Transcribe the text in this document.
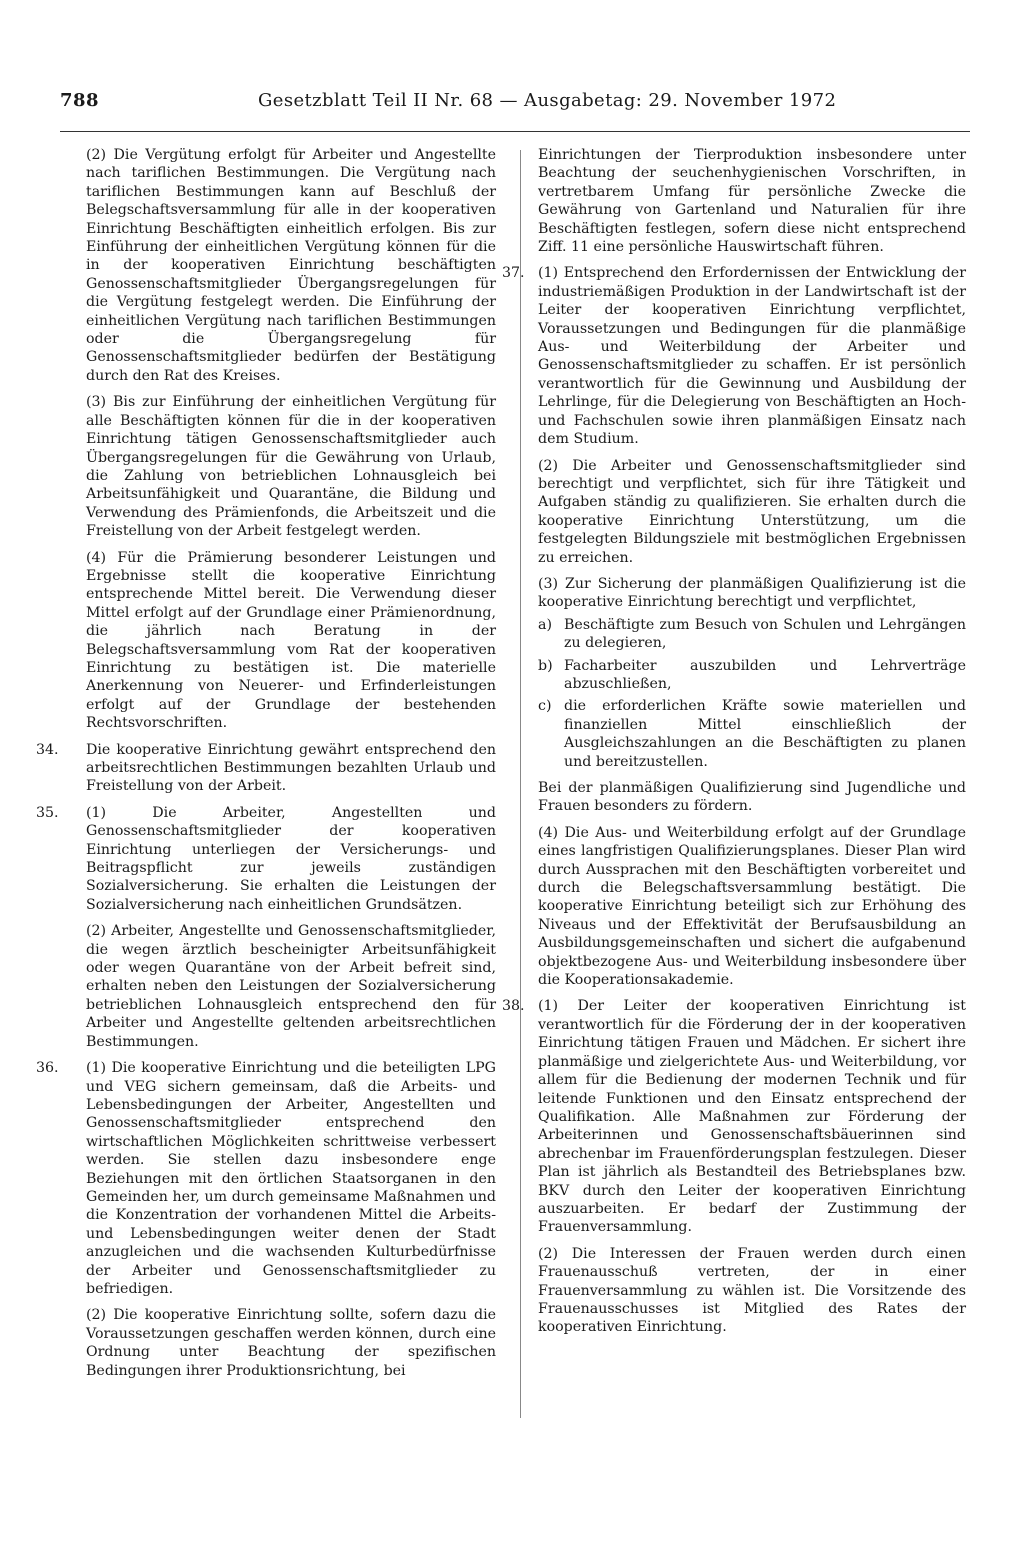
788	Gesetzblatt Teil II Nr. 68 — Ausgabetag: 29. November 1972

(2) Die Vergütung erfolgt für Arbeiter und Angestellte nach tariflichen Bestimmungen. Die Vergütung nach tariflichen Bestimmungen kann auf Beschluß der Belegschaftsversammlung für alle in der kooperativen Einrichtung Beschäftigten einheitlich erfolgen. Bis zur Einführung der einheitlichen Vergütung können für die in der kooperativen Einrichtung beschäftigten Genossenschaftsmitglieder Übergangsregelungen für die Vergütung festgelegt werden. Die Einführung der einheitlichen Vergütung nach tariflichen Bestimmungen oder die Übergangsregelung für Genossenschaftsmitglieder bedürfen der Bestätigung durch den Rat des Kreises.

(3) Bis zur Einführung der einheitlichen Vergütung für alle Beschäftigten können für die in der kooperativen Einrichtung tätigen Genossenschaftsmitglieder auch Übergangsregelungen für die Gewährung von Urlaub, die Zahlung von betrieblichen Lohnausgleich bei Arbeitsunfähigkeit und Quarantäne, die Bildung und Verwendung des Prämienfonds, die Arbeitszeit und die Freistellung von der Arbeit festgelegt werden.

(4) Für die Prämierung besonderer Leistungen und Ergebnisse stellt die kooperative Einrichtung entsprechende Mittel bereit. Die Verwendung dieser Mittel erfolgt auf der Grundlage einer Prämienordnung, die jährlich nach Beratung in der Belegschaftsversammlung vom Rat der kooperativen Einrichtung zu bestätigen ist. Die materielle Anerkennung von Neuerer- und Erfinderleistungen erfolgt auf der Grundlage der bestehenden Rechtsvorschriften.

34.	Die kooperative Einrichtung gewährt entsprechend den arbeitsrechtlichen Bestimmungen bezahlten Urlaub und Freistellung von der Arbeit.

35.	(1) Die Arbeiter, Angestellten und Genossenschaftsmitglieder der kooperativen Einrichtung unterliegen der Versicherungs- und Beitragspflicht zur jeweils zuständigen Sozialversicherung. Sie erhalten die Leistungen der Sozialversicherung nach einheitlichen Grundsätzen.

(2) Arbeiter, Angestellte und Genossenschaftsmitglieder, die wegen ärztlich bescheinigter Arbeitsunfähigkeit oder wegen Quarantäne von der Arbeit befreit sind, erhalten neben den Leistungen der Sozialversicherung betrieblichen Lohnausgleich entsprechend den für Arbeiter und Angestellte geltenden arbeitsrechtlichen Bestimmungen.

36.	(1) Die kooperative Einrichtung und die beteiligten LPG und VEG sichern gemeinsam, daß die Arbeits- und Lebensbedingungen der Arbeiter, Angestellten und Genossenschaftsmitglieder entsprechend den wirtschaftlichen Möglichkeiten schrittweise verbessert werden. Sie stellen dazu insbesondere enge Beziehungen mit den örtlichen Staatsorganen in den Gemeinden her, um durch gemeinsame Maßnahmen und die Konzentration der vorhandenen Mittel die Arbeits- und Lebensbedingungen weiter denen der Stadt anzugleichen und die wachsenden Kulturbedürfnisse der Arbeiter und Genossenschaftsmitglieder zu befriedigen.

(2) Die kooperative Einrichtung sollte, sofern dazu die Voraussetzungen geschaffen werden können, durch eine Ordnung unter Beachtung der spezifischen Bedingungen ihrer Produktionsrichtung, bei

Einrichtungen der Tierproduktion insbesondere unter Beachtung der seuchenhygienischen Vorschriften, in vertretbarem Umfang für persönliche Zwecke die Gewährung von Gartenland und Naturalien für ihre Beschäftigten festlegen, sofern diese nicht entsprechend Ziff. 11 eine persönliche Hauswirtschaft führen.

37. (1) Entsprechend den Erfordernissen der Entwicklung der industriemäßigen Produktion in der Landwirtschaft ist der Leiter der kooperativen Einrichtung verpflichtet, Voraussetzungen und Bedingungen für die planmäßige Aus- und Weiterbildung der Arbeiter und Genossenschaftsmitglieder zu schaffen. Er ist persönlich verantwortlich für die Gewinnung und Ausbildung der Lehrlinge, für die Delegierung von Beschäftigten an Hoch- und Fachschulen sowie ihren planmäßigen Einsatz nach dem Studium.

(2) Die Arbeiter und Genossenschaftsmitglieder sind berechtigt und verpflichtet, sich für ihre Tätigkeit und Aufgaben ständig zu qualifizieren. Sie erhalten durch die kooperative Einrichtung Unterstützung, um die festgelegten Bildungsziele mit bestmöglichen Ergebnissen zu erreichen.

(3) Zur Sicherung der planmäßigen Qualifizierung ist die kooperative Einrichtung berechtigt und verpflichtet,

a) Beschäftigte zum Besuch von Schulen und Lehrgängen zu delegieren,
b) Facharbeiter auszubilden und Lehrverträge abzuschließen,
c) die erforderlichen Kräfte sowie materiellen und finanziellen Mittel einschließlich der Ausgleichszahlungen an die Beschäftigten zu planen und bereitzustellen.

Bei der planmäßigen Qualifizierung sind Jugendliche und Frauen besonders zu fördern.

(4) Die Aus- und Weiterbildung erfolgt auf der Grundlage eines langfristigen Qualifizierungsplanes. Dieser Plan wird durch Aussprachen mit den Beschäftigten vorbereitet und durch die Belegschaftsversammlung bestätigt. Die kooperative Einrichtung beteiligt sich zur Erhöhung des Niveaus und der Effektivität der Berufsausbildung an Ausbildungsgemeinschaften und sichert die aufgabenund objektbezogene Aus- und Weiterbildung insbesondere über die Kooperationsakademie.

38. (1) Der Leiter der kooperativen Einrichtung ist verantwortlich für die Förderung der in der kooperativen Einrichtung tätigen Frauen und Mädchen. Er sichert ihre planmäßige und zielgerichtete Aus- und Weiterbildung, vor allem für die Bedienung der modernen Technik und für leitende Funktionen und den Einsatz entsprechend der Qualifikation. Alle Maßnahmen zur Förderung der Arbeiterinnen und Genossenschaftsbäuerinnen sind abrechenbar im Frauenförderungsplan festzulegen. Dieser Plan ist jährlich als Bestandteil des Betriebsplanes bzw. BKV durch den Leiter der kooperativen Einrichtung auszuarbeiten. Er bedarf der Zustimmung der Frauenversammlung.

(2) Die Interessen der Frauen werden durch einen Frauenausschuß vertreten, der in einer Frauenversammlung zu wählen ist. Die Vorsitzende des Frauenausschusses ist Mitglied des Rates der kooperativen Einrichtung.
